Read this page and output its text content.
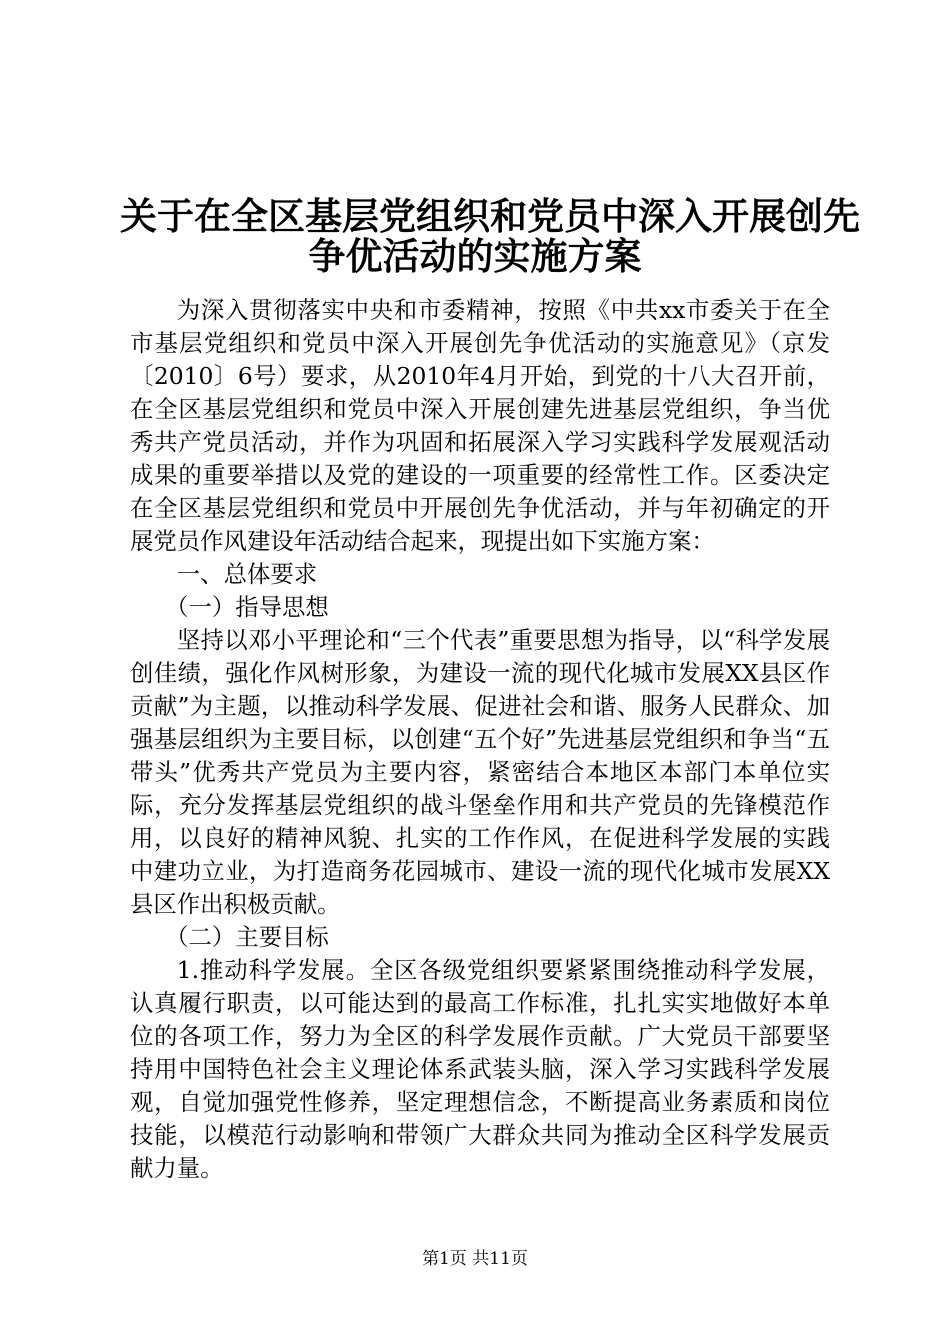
关于在全区基层党组织和党员中深入开展创先
争优活动的实施方案

为深入贯彻落实中央和市委精神，按照《中共xx市委关于在全市基层党组织和党员中深入开展创先争优活动的实施意见》（京发〔2010〕6号）要求，从2010年4月开始，到党的十八大召开前，在全区基层党组织和党员中深入开展创建先进基层党组织，争当优秀共产党员活动，并作为巩固和拓展深入学习实践科学发展观活动成果的重要举措以及党的建设的一项重要的经常性工作。区委决定在全区基层党组织和党员中开展创先争优活动，并与年初确定的开展党员作风建设年活动结合起来，现提出如下实施方案：

一、总体要求

（一）指导思想

坚持以邓小平理论和“三个代表”重要思想为指导，以“科学发展创佳绩，强化作风树形象，为建设一流的现代化城市发展XX县区作贡献”为主题，以推动科学发展、促进社会和谐、服务人民群众、加强基层组织为主要目标，以创建“五个好”先进基层党组织和争当“五带头”优秀共产党员为主要内容，紧密结合本地区本部门本单位实际，充分发挥基层党组织的战斗堡垒作用和共产党员的先锋模范作用，以良好的精神风貌、扎实的工作作风，在促进科学发展的实践中建功立业，为打造商务花园城市、建设一流的现代化城市发展XX县区作出积极贡献。

（二）主要目标

1.推动科学发展。全区各级党组织要紧紧围绕推动科学发展，认真履行职责，以可能达到的最高工作标准，扎扎实实地做好本单位的各项工作，努力为全区的科学发展作贡献。广大党员干部要坚持用中国特色社会主义理论体系武装头脑，深入学习实践科学发展观，自觉加强党性修养，坚定理想信念，不断提高业务素质和岗位技能，以模范行动影响和带领广大群众共同为推动全区科学发展贡献力量。

第1页 共11页
